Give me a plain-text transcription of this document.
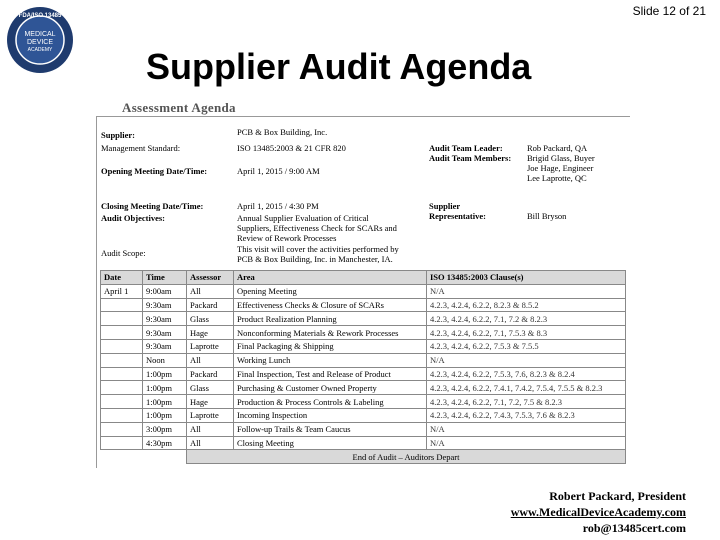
Slide 12 of 21
FDA/ISO 13485
MEDICAL
DEVICE
ACADEMY	Supplier Audit Agenda
Assessment Agenda
Supplier:	PCB & Box Building, Inc.
Management Standard:	ISO 13485:2003 & 21 CFR 820
Opening Meeting Date/Time:	April 1, 2015 / 9:00 AM
Closing Meeting Date/Time:	April 1, 2015 / 4:30 PM
Audit Objectives:	Annual Supplier Evaluation of Critical Suppliers, Effectiveness Check for SCARs and Review of Rework Processes
Audit Scope:	This visit will cover the activities performed by PCB & Box Building, Inc. in Manchester, IA.
Audit Team Leader:	Rob Packard, QA
Audit Team Members: Brigid Glass, Buyer
Joe Hage, Engineer
Lee Laprotte, QC
Supplier
Representative:	Bill Bryson
Date	Time	Assessor	Area	ISO 13485:2003 Clause(s)
April 1	9:00am	All	Opening Meeting	N/A
	9:30am	Packard	Effectiveness Checks & Closure of SCARs	4.2.3, 4.2.4, 6.2.2, 8.2.3 & 8.5.2
	9:30am	Glass	Product Realization Planning	4.2.3, 4.2.4, 6.2.2, 7.1, 7.2 & 8.2.3
	9:30am	Hage	Nonconforming Materials & Rework Processes	4.2.3, 4.2.4, 6.2.2, 7.1, 7.5.3 & 8.3
	9:30am	Laprotte	Final Packaging & Shipping	4.2.3, 4.2.4, 6.2.2, 7.5.3 & 7.5.5
	Noon	All	Working Lunch	N/A
	1:00pm	Packard	Final Inspection, Test and Release of Product	4.2.3, 4.2.4, 6.2.2, 7.5.3, 7.6, 8.2.3 & 8.2.4
	1:00pm	Glass	Purchasing & Customer Owned Property	4.2.3, 4.2.4, 6.2.2, 7.4.1, 7.4.2, 7.5.4, 7.5.5 & 8.2.3
	1:00pm	Hage	Production & Process Controls & Labeling	4.2.3, 4.2.4, 6.2.2, 7.1, 7.2, 7.5 & 8.2.3
	1:00pm	Laprotte	Incoming Inspection	4.2.3, 4.2.4, 6.2.2, 7.4.3, 7.5.3, 7.6 & 8.2.3
	3:00pm	All	Follow-up Trails & Team Caucus	N/A
	4:30pm	All	Closing Meeting	N/A
		End of Audit – Auditors Depart		
Robert Packard, President
www.MedicalDeviceAcademy.com
rob@13485cert.com
